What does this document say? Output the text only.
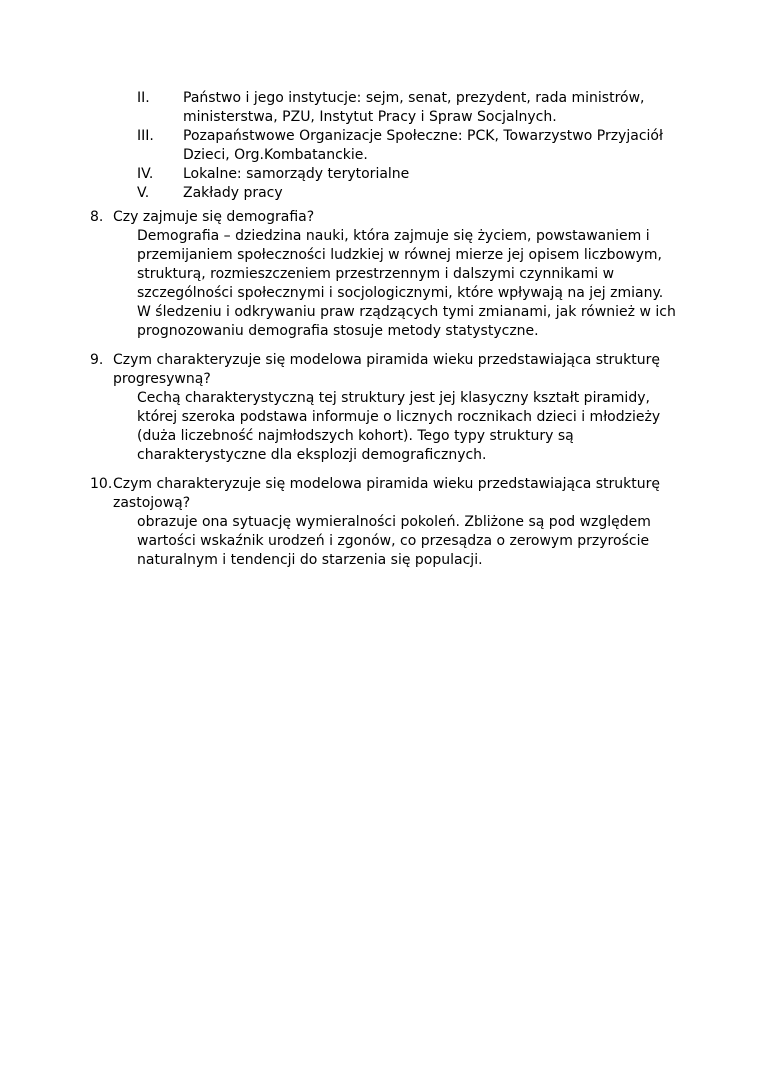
II.	Państwo i jego instytucje: sejm, senat, prezydent, rada ministrów, ministerstwa, PZU, Instytut Pracy i Spraw Socjalnych.
III.	Pozapaństwowe Organizacje Społeczne: PCK, Towarzystwo Przyjaciół Dzieci, Org.Kombatanckie.
IV.	Lokalne: samorządy terytorialne
V.	Zakłady pracy
8. Czy zajmuje się demografia?
Demografia – dziedzina nauki, która zajmuje się życiem, powstawaniem i przemijaniem społeczności ludzkiej w równej mierze jej opisem liczbowym, strukturą, rozmieszczeniem przestrzennym i dalszymi czynnikami w szczególności społecznymi i socjologicznymi, które wpływają na jej zmiany. W śledzeniu i odkrywaniu praw rządzących tymi zmianami, jak również w ich prognozowaniu demografia stosuje metody statystyczne.
9. Czym charakteryzuje się modelowa piramida wieku przedstawiająca strukturę progresywną?
Cechą charakterystyczną tej struktury jest jej klasyczny kształt piramidy, której szeroka podstawa informuje o licznych rocznikach dzieci i młodzieży (duża liczebność najmłodszych kohort). Tego typy struktury są charakterystyczne dla eksplozji demograficznych.
10. Czym charakteryzuje się modelowa piramida wieku przedstawiająca strukturę zastojową?
obrazuje ona sytuację wymieralności pokoleń. Zbliżone są pod względem wartości wskaźnik urodzeń i zgonów, co przesądza o zerowym przyroście naturalnym i tendencji do starzenia się populacji.
